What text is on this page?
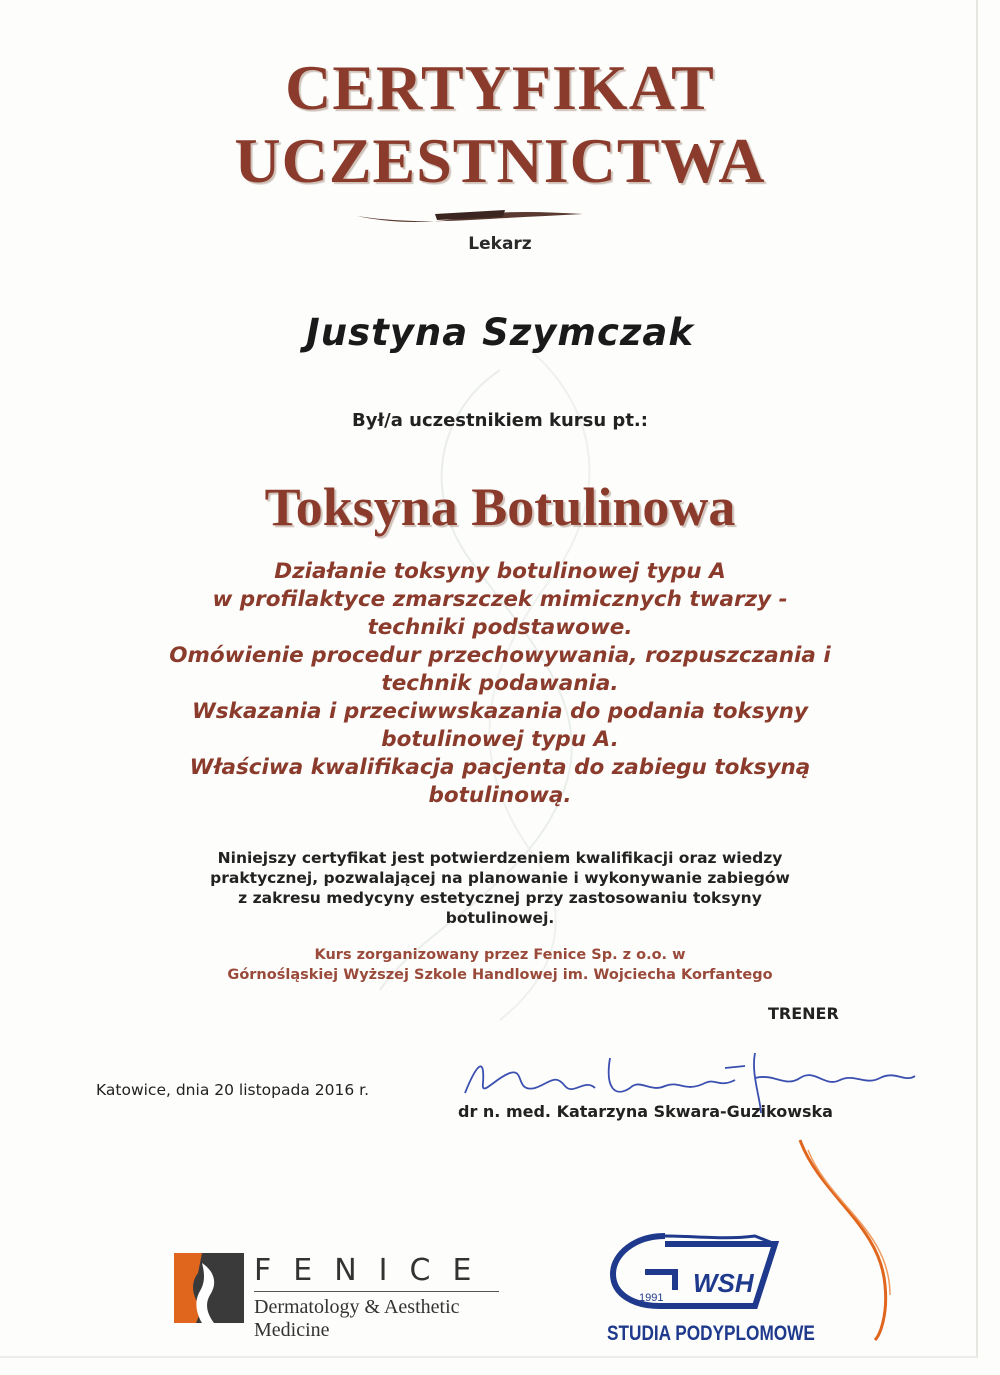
CERTYFIKAT
UCZESTNICTWA
Lekarz
Justyna Szymczak
Był/a uczestnikiem kursu pt.:
Toksyna Botulinowa

Działanie toksyny botulinowej typu A
w profilaktyce zmarszczek mimicznych twarzy -
techniki podstawowe.
Omówienie procedur przechowywania, rozpuszczania i
technik podawania.
Wskazania i przeciwwskazania do podania toksyny
botulinowej typu A.
Właściwa kwalifikacja pacjenta do zabiegu toksyną
botulinową.

Niniejszy certyfikat jest potwierdzeniem kwalifikacji oraz wiedzy
praktycznej, pozwalającej na planowanie i wykonywanie zabiegów
z zakresu medycyny estetycznej przy zastosowaniu toksyny
botulinowej.
Kurs zorganizowany przez Fenice Sp. z o.o. w
Górnośląskiej Wyższej Szkole Handlowej im. Wojciecha Korfantego
TRENER
Katowice, dnia 20 listopada 2016 r.
dr n. med. Katarzyna Skwara-Guzikowska
FENICE
Dermatology & Aesthetic Medicine
WSH
1991
STUDIA PODYPLOMOWE
